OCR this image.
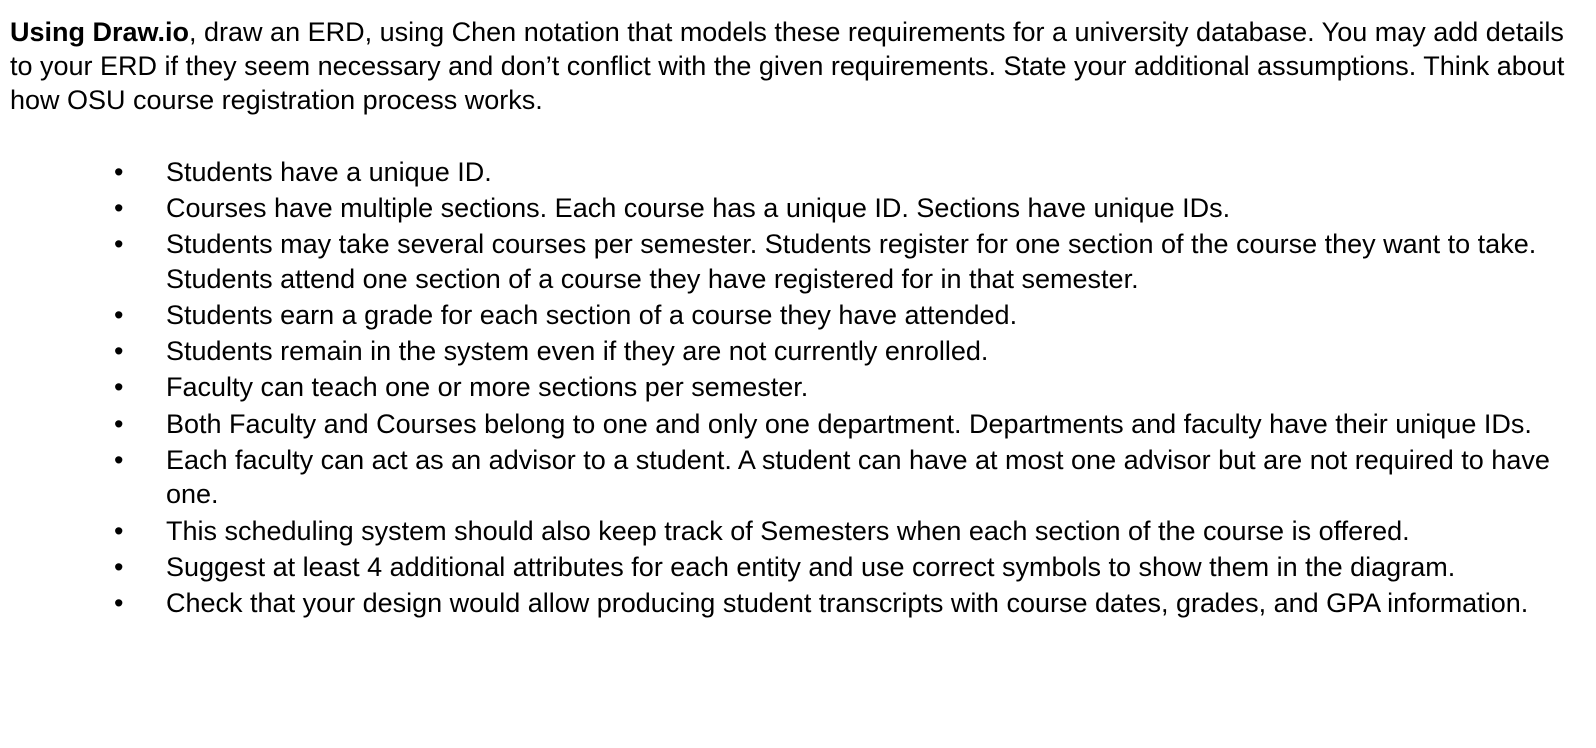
Using Draw.io, draw an ERD, using Chen notation that models these requirements for a university database. You may add details to your ERD if they seem necessary and don’t conflict with the given requirements. State your additional assumptions. Think about how OSU course registration process works.

• Students have a unique ID.
• Courses have multiple sections. Each course has a unique ID. Sections have unique IDs.
• Students may take several courses per semester. Students register for one section of the course they want to take. Students attend one section of a course they have registered for in that semester.
• Students earn a grade for each section of a course they have attended.
• Students remain in the system even if they are not currently enrolled.
• Faculty can teach one or more sections per semester.
• Both Faculty and Courses belong to one and only one department. Departments and faculty have their unique IDs.
• Each faculty can act as an advisor to a student. A student can have at most one advisor but are not required to have one.
• This scheduling system should also keep track of Semesters when each section of the course is offered.
• Suggest at least 4 additional attributes for each entity and use correct symbols to show them in the diagram.
• Check that your design would allow producing student transcripts with course dates, grades, and GPA information.
